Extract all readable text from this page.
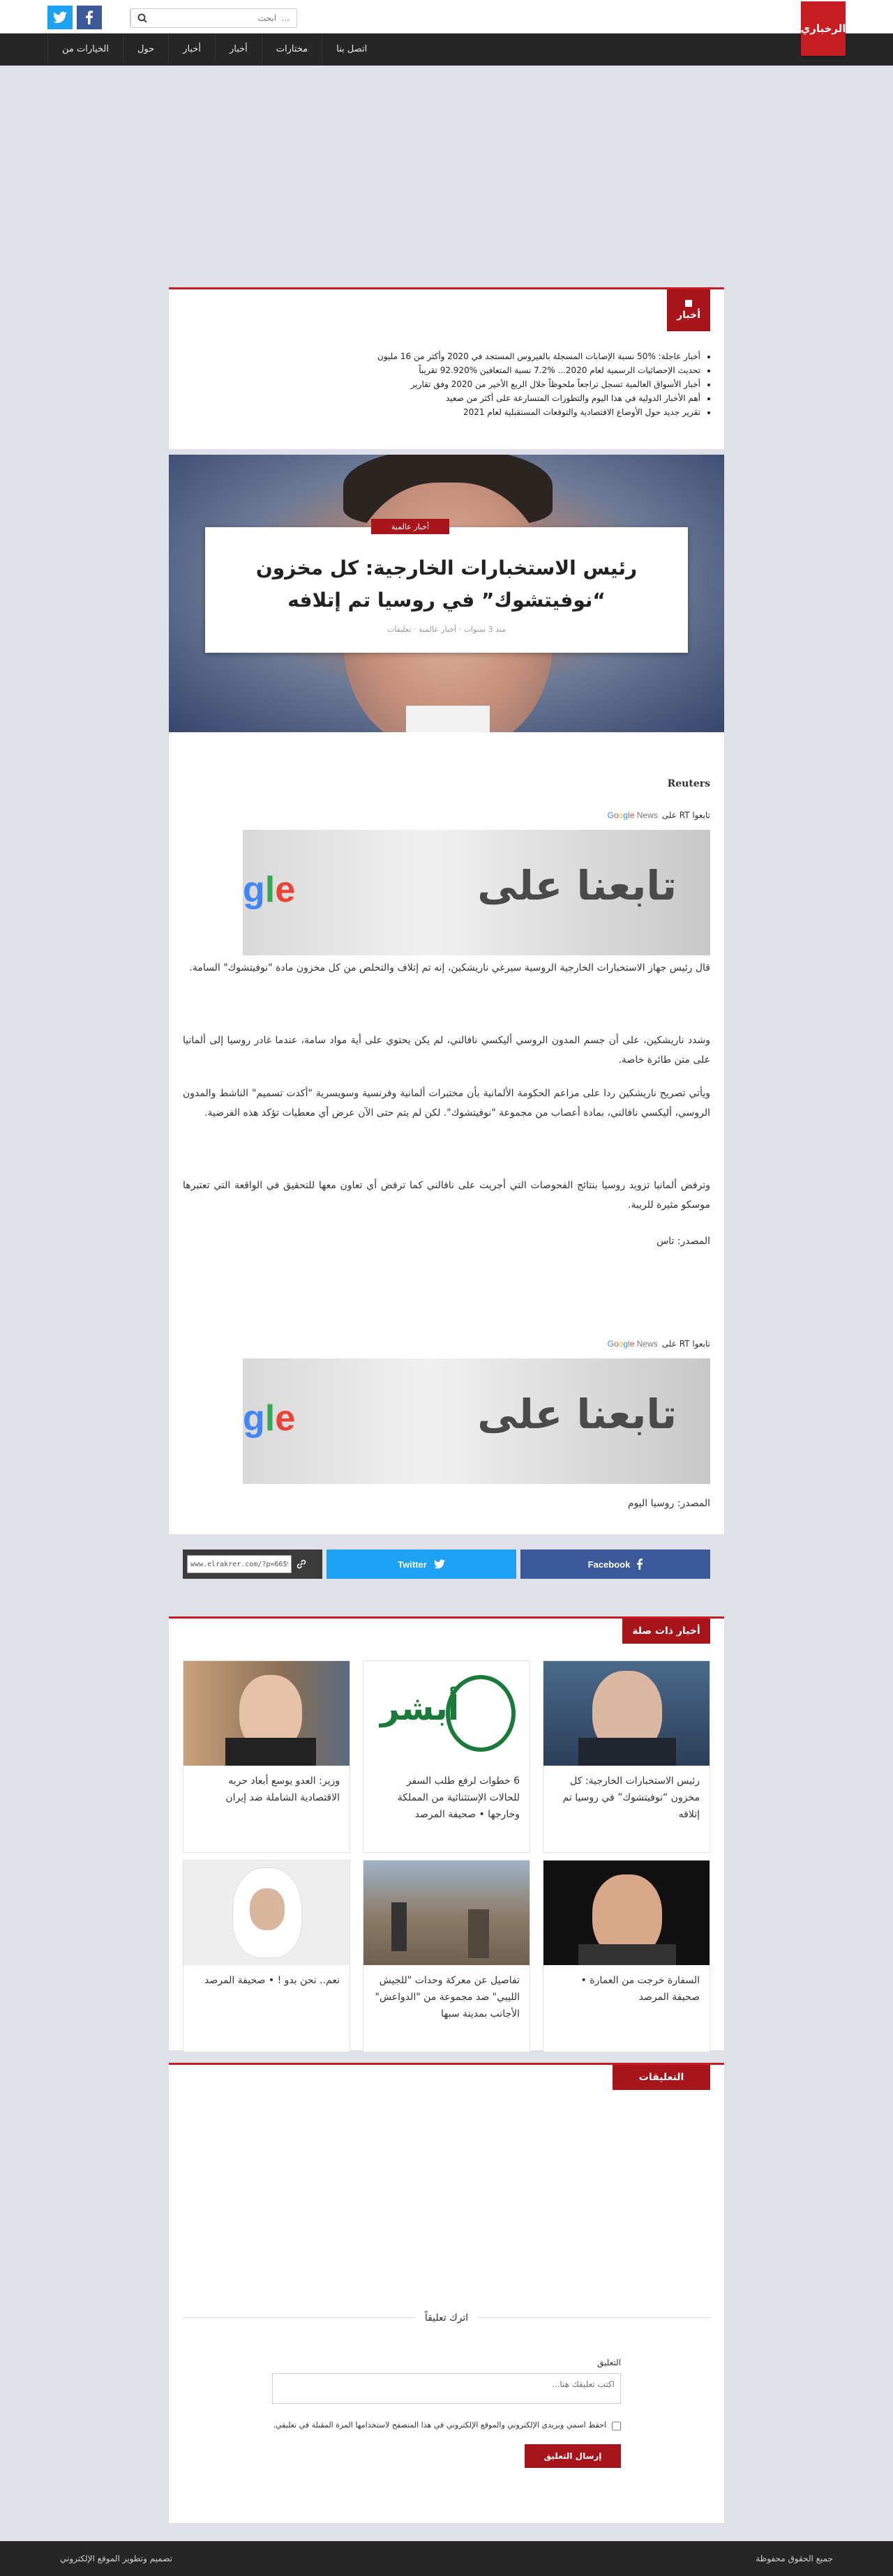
... ابحث
الرخباري
الخيارات من	حول	أخبار	أخبار	مختارات	اتصل بنا
أخبار
• أخبار عاجلة: %50 نسبة الإصابات المسجلة بالفيروس المستجد في 2020 وأكثر من 16 مليون
• تحديث الإحصائيات الرسمية لعام 2020... %7.2 نسبة المتعافين %92.920 تقريباً
• أخبار الأسواق العالمية تسجل تراجعاً ملحوظاً خلال الربع الأخير من 2020 وفق تقارير
• أهم الأخبار الدولية في هذا اليوم والتطورات المتسارعة على أكثر من صعيد
• تقرير جديد حول الأوضاع الاقتصادية والتوقعات المستقبلية لعام 2021
أخبار عالمية
رئيس الاستخبارات الخارجية: كل مخزون “نوفيتشوك” في روسيا تم إتلافه
منذ 3 سنوات · أخبار عالمية · تعليقات
Reuters
تابعوا RT على
Google News
تابعنا على
gle

قال رئيس جهاز الاستخبارات الخارجية الروسية سيرغي ناريشكين، إنه تم إتلاف والتخلص من كل مخزون مادة "نوفيتشوك" السامة.

وشدد ناريشكين، على أن جسم المدون الروسي أليكسي نافالني، لم يكن يحتوي على أية مواد سامة، عندما غادر روسيا إلى ألمانيا على متن طائرة خاصة.

ويأتي تصريح ناريشكين ردا على مزاعم الحكومة الألمانية بأن مختبرات ألمانية وفرنسية وسويسرية "أكدت تسميم" الناشط والمدون الروسي، أليكسي نافالني، بمادة أعصاب من مجموعة "نوفيتشوك". لكن لم يتم حتى الآن عرض أي معطيات تؤكد هذه الفرضية.

وترفض ألمانيا تزويد روسيا بنتائج الفحوصات التي أجريت على نافالني كما ترفض أي تعاون معها للتحقيق في الواقعة التي تعتبرها موسكو مثيرة للريبة.

المصدر: تاس

تابعوا RT على
Google News
تابعنا على
gle

المصدر: روسيا اليوم

www.elrakrer.com/?p=66595
Twitter	Facebook
أخبار ذات صلة
رئيس الاستخبارات الخارجية: كل مخزون “نوفيتشوك” في روسيا تم إتلافه
أبشر
6 خطوات لرفع طلب السفر للحالات الإستثنائية من المملكة وخارجها • صحيفة المرصد
وزير: العدو يوسع أبعاد حربه الاقتصادية الشاملة ضد إيران
السفارة خرجت من العمارة • صحيفة المرصد
تفاصيل عن معركة وحدات "للجيش الليبي" ضد مجموعة من "الدواعش" الأجانب بمدينة سبها
نعم.. نحن بدو ! • صحيفة المرصد
التعليقات
اترك تعليقاً
التعليق
اكتب تعليقك هنا...
احفظ اسمي وبريدي الإلكتروني والموقع الإلكتروني في هذا المتصفح لاستخدامها المرة المقبلة في تعليقي.
إرسال التعليق
جميع الحقوق محفوظة
تصميم وتطوير الموقع الإلكتروني
